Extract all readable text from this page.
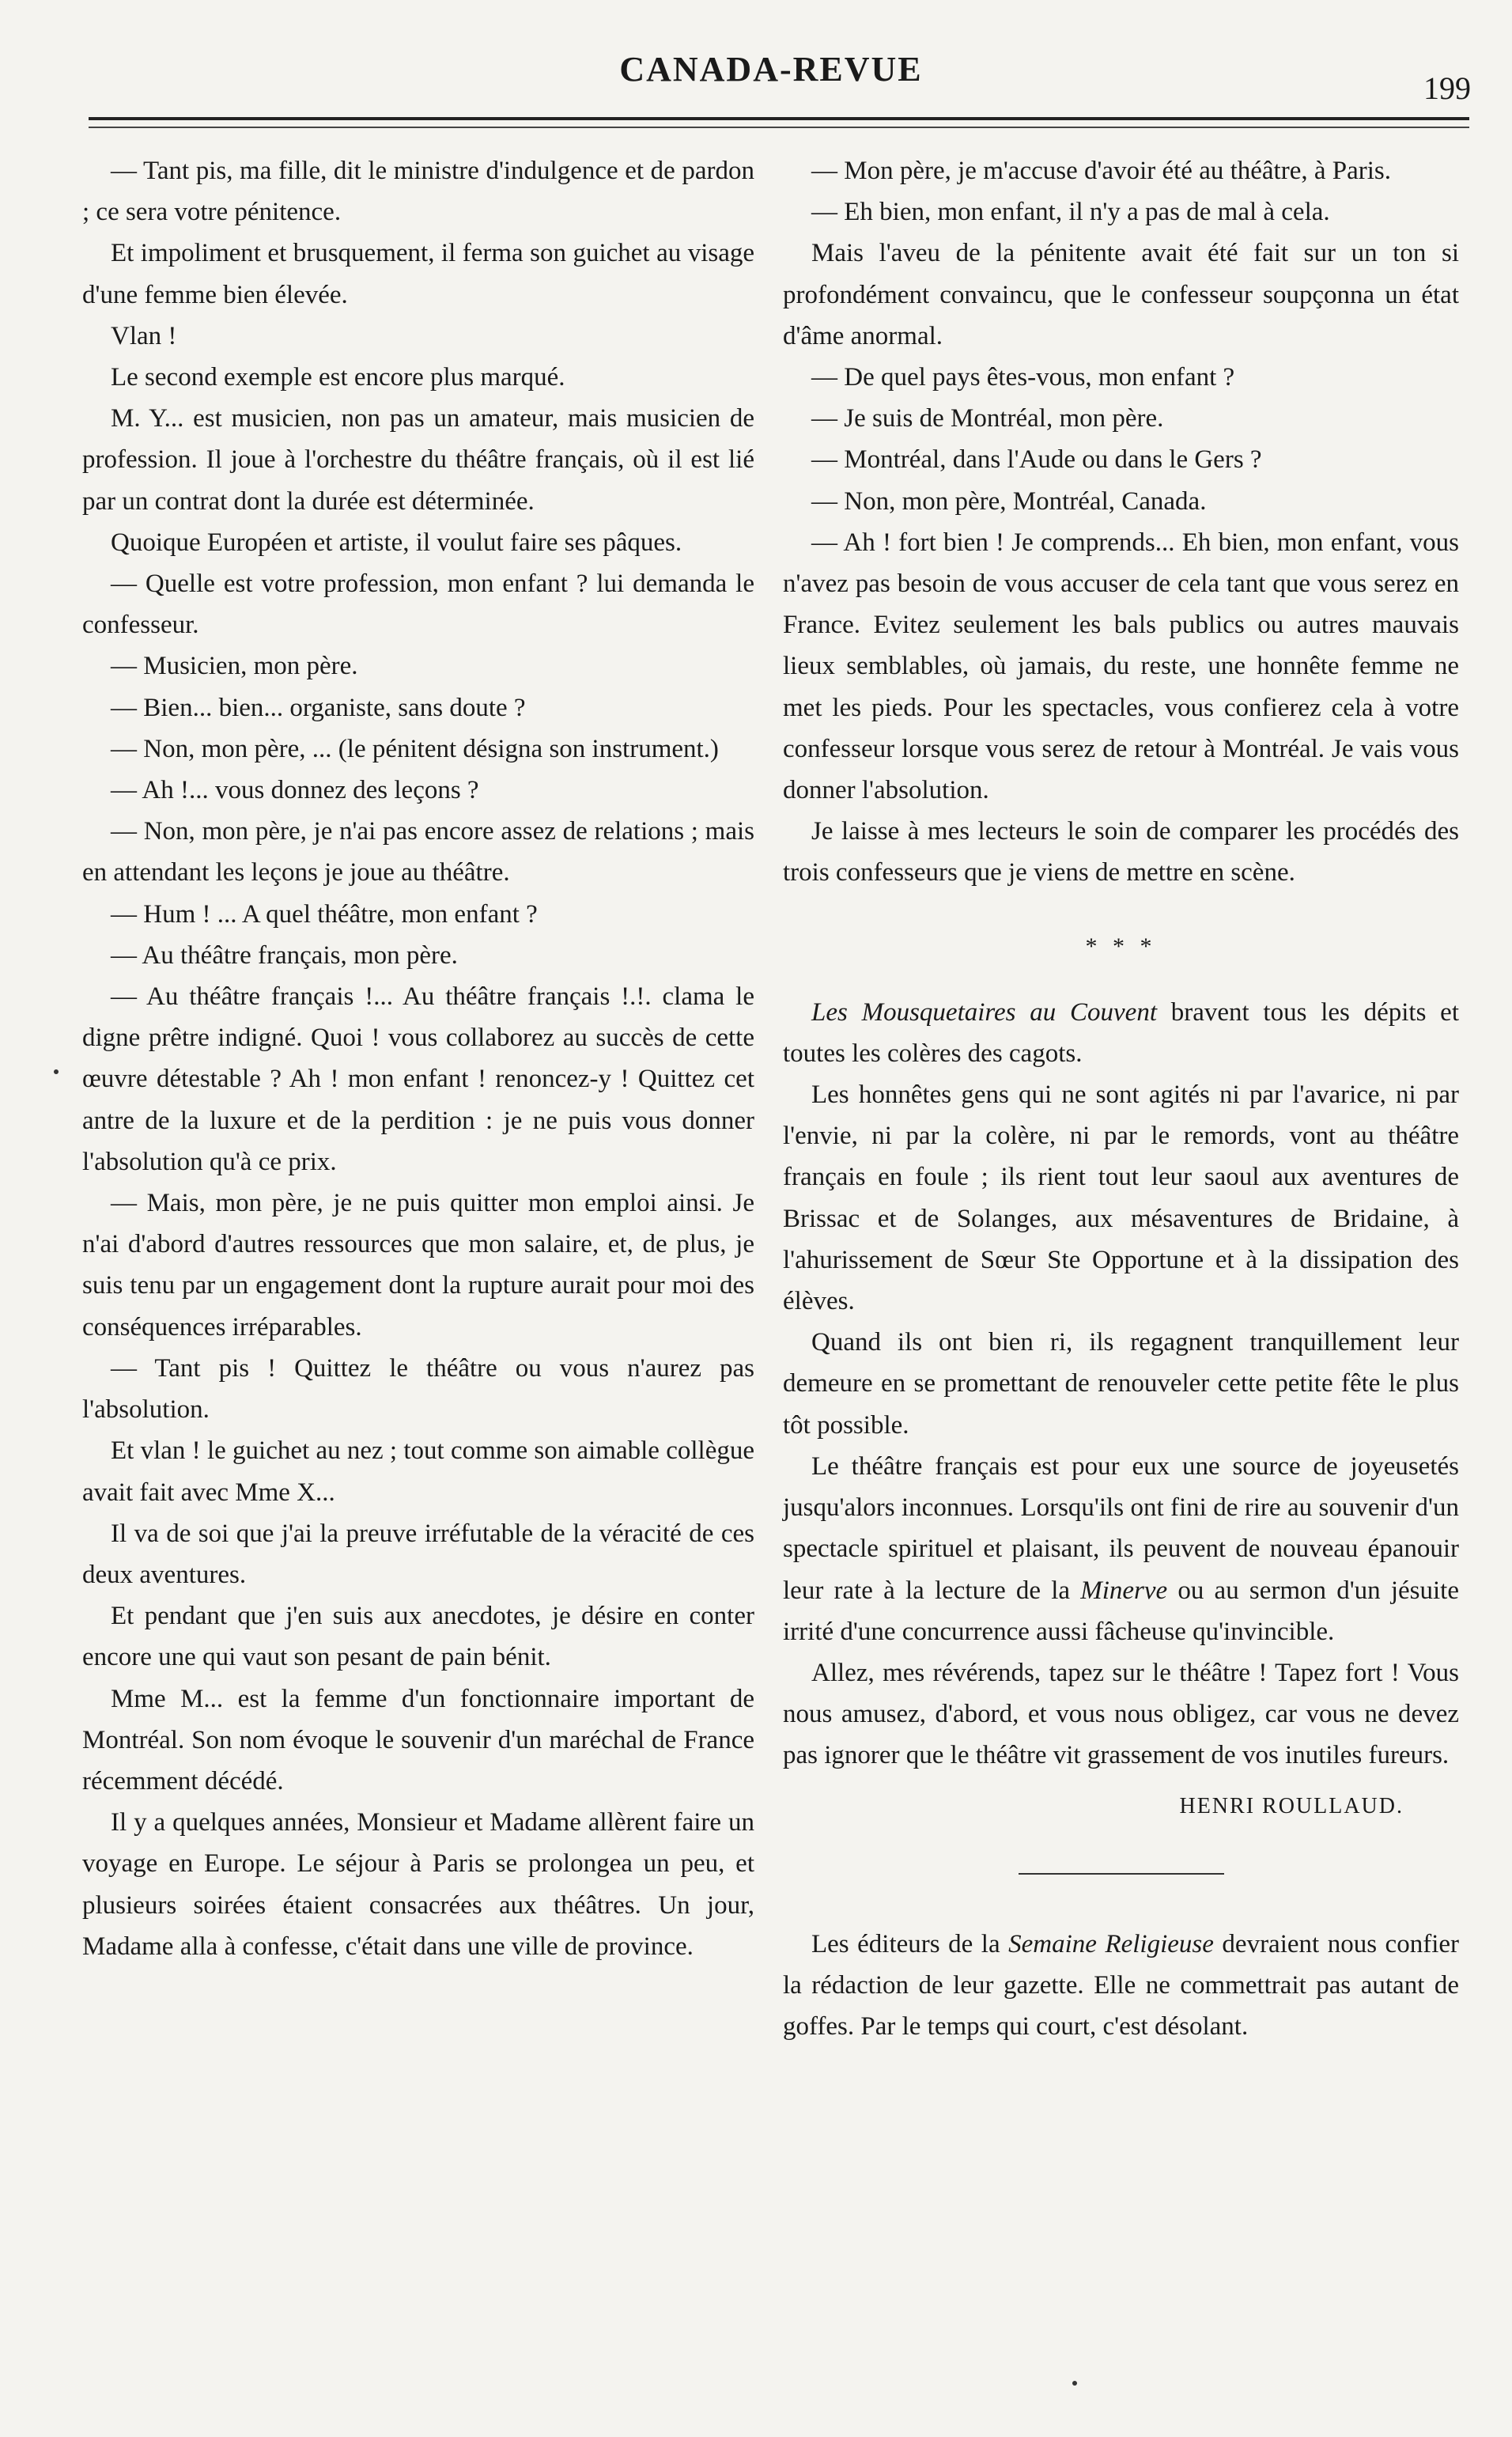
CANADA-REVUE	199

— Tant pis, ma fille, dit le ministre d'indulgence et de pardon ; ce sera votre pénitence.

Et impoliment et brusquement, il ferma son guichet au visage d'une femme bien élevée.

Vlan !

Le second exemple est encore plus marqué.

M. Y... est musicien, non pas un amateur, mais musicien de profession. Il joue à l'orchestre du théâtre français, où il est lié par un contrat dont la durée est déterminée.

Quoique Européen et artiste, il voulut faire ses pâques.

— Quelle est votre profession, mon enfant ? lui demanda le confesseur.

— Musicien, mon père.

— Bien... bien... organiste, sans doute ?

— Non, mon père, ... (le pénitent désigna son instrument.)

— Ah !... vous donnez des leçons ?

— Non, mon père, je n'ai pas encore assez de relations ; mais en attendant les leçons je joue au théâtre.

— Hum ! ... A quel théâtre, mon enfant ?

— Au théâtre français, mon père.

— Au théâtre français !... Au théâtre français !.!. clama le digne prêtre indigné. Quoi ! vous collaborez au succès de cette œuvre détestable ? Ah ! mon enfant ! renoncez-y ! Quittez cet antre de la luxure et de la perdition : je ne puis vous donner l'absolution qu'à ce prix.

— Mais, mon père, je ne puis quitter mon emploi ainsi. Je n'ai d'abord d'autres ressources que mon salaire, et, de plus, je suis tenu par un engagement dont la rupture aurait pour moi des conséquences irréparables.

— Tant pis ! Quittez le théâtre ou vous n'aurez pas l'absolution.

Et vlan ! le guichet au nez ; tout comme son aimable collègue avait fait avec Mme X...

Il va de soi que j'ai la preuve irréfutable de la véracité de ces deux aventures.

Et pendant que j'en suis aux anecdotes, je désire en conter encore une qui vaut son pesant de pain bénit.

Mme M... est la femme d'un fonctionnaire important de Montréal. Son nom évoque le souvenir d'un maréchal de France récemment décédé.

Il y a quelques années, Monsieur et Madame allèrent faire un voyage en Europe. Le séjour à Paris se prolongea un peu, et plusieurs soirées étaient consacrées aux théâtres. Un jour, Madame alla à confesse, c'était dans une ville de province.

— Mon père, je m'accuse d'avoir été au théâtre, à Paris.

— Eh bien, mon enfant, il n'y a pas de mal à cela.

Mais l'aveu de la pénitente avait été fait sur un ton si profondément convaincu, que le confesseur soupçonna un état d'âme anormal.

— De quel pays êtes-vous, mon enfant ?

— Je suis de Montréal, mon père.

— Montréal, dans l'Aude ou dans le Gers ?

— Non, mon père, Montréal, Canada.

— Ah ! fort bien ! Je comprends... Eh bien, mon enfant, vous n'avez pas besoin de vous accuser de cela tant que vous serez en France. Evitez seulement les bals publics ou autres mauvais lieux semblables, où jamais, du reste, une honnête femme ne met les pieds. Pour les spectacles, vous confierez cela à votre confesseur lorsque vous serez de retour à Montréal. Je vais vous donner l'absolution.

Je laisse à mes lecteurs le soin de comparer les procédés des trois confesseurs que je viens de mettre en scène.

* * *

Les Mousquetaires au Couvent bravent tous les dépits et toutes les colères des cagots.

Les honnêtes gens qui ne sont agités ni par l'avarice, ni par l'envie, ni par la colère, ni par le remords, vont au théâtre français en foule ; ils rient tout leur saoul aux aventures de Brissac et de Solanges, aux mésaventures de Bridaine, à l'ahurissement de Sœur Ste Opportune et à la dissipation des élèves.

Quand ils ont bien ri, ils regagnent tranquillement leur demeure en se promettant de renouveler cette petite fête le plus tôt possible.

Le théâtre français est pour eux une source de joyeusetés jusqu'alors inconnues. Lorsqu'ils ont fini de rire au souvenir d'un spectacle spirituel et plaisant, ils peuvent de nouveau épanouir leur rate à la lecture de la Minerve ou au sermon d'un jésuite irrité d'une concurrence aussi fâcheuse qu'invincible.

Allez, mes révérends, tapez sur le théâtre ! Tapez fort ! Vous nous amusez, d'abord, et vous nous obligez, car vous ne devez pas ignorer que le théâtre vit grassement de vos inutiles fureurs.

HENRI ROULLAUD.

Les éditeurs de la Semaine Religieuse devraient nous confier la rédaction de leur gazette. Elle ne commettrait pas autant de goffes. Par le temps qui court, c'est désolant.
